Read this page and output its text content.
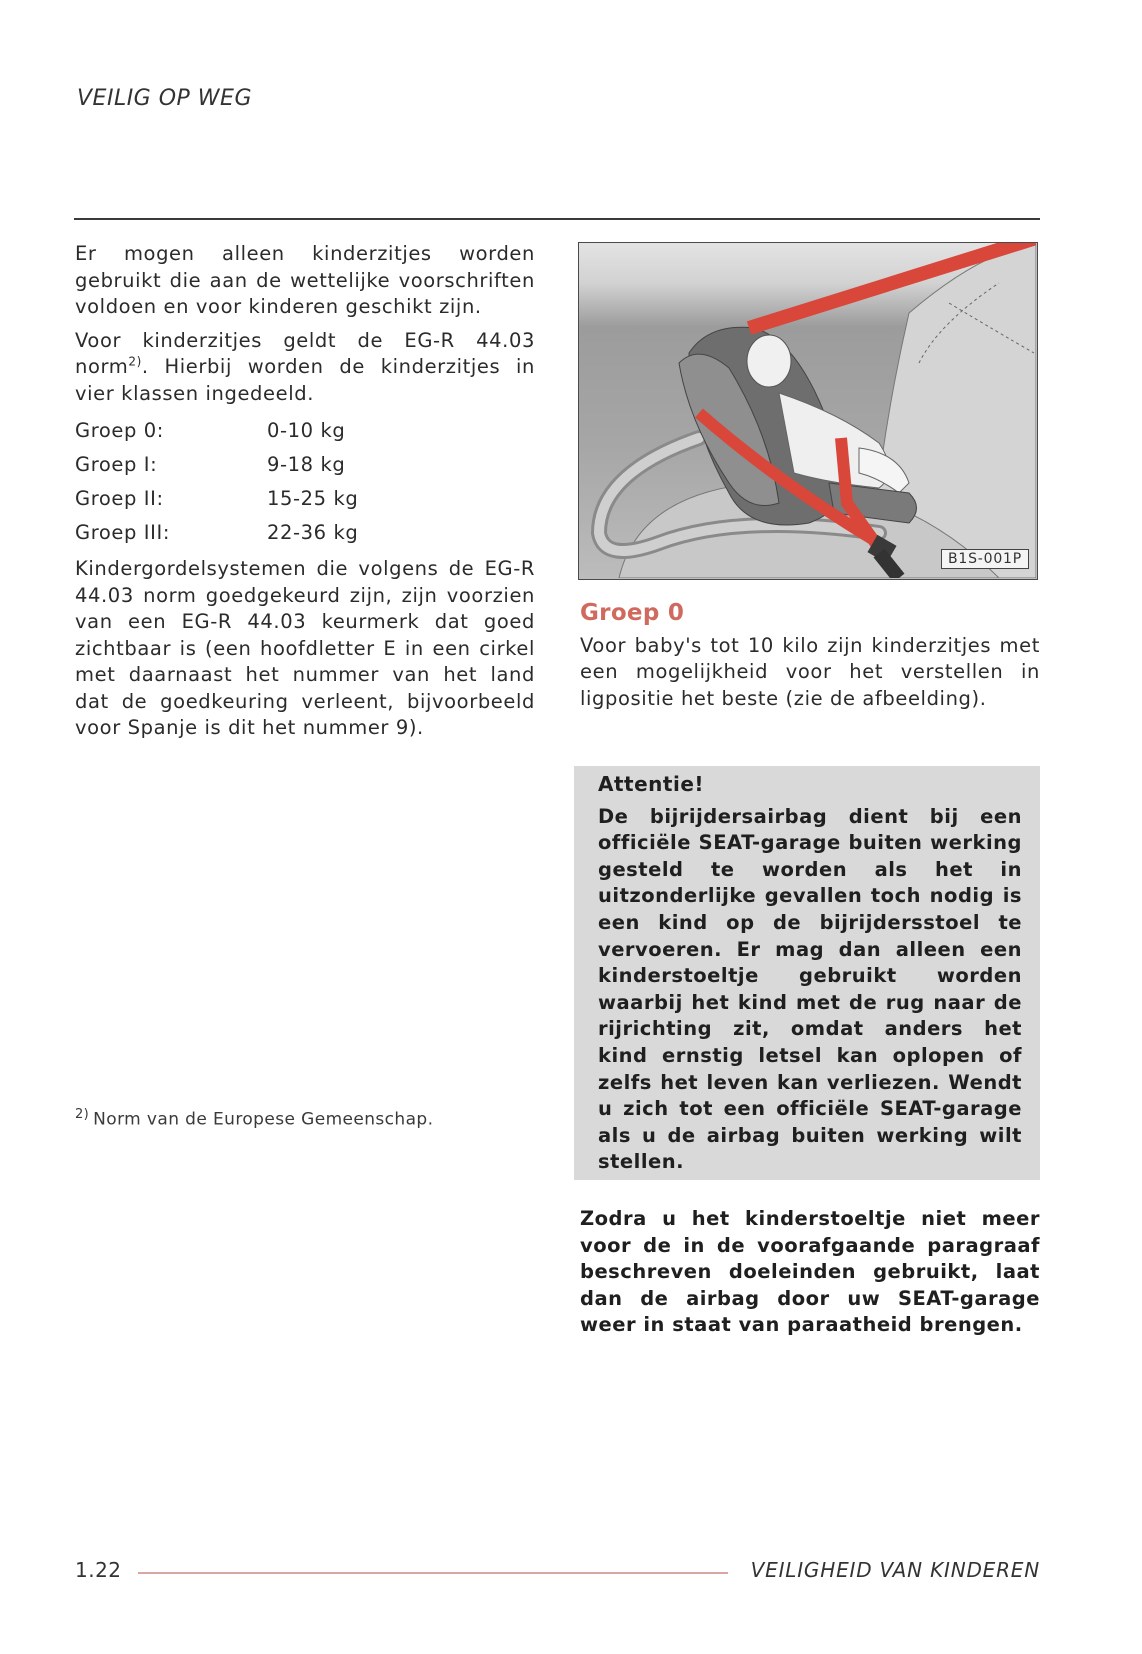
VEILIG OP WEG

Er mogen alleen kinderzitjes worden gebruikt die aan de wettelijke voorschriften voldoen en voor kinderen geschikt zijn.

Voor kinderzitjes geldt de EG-R 44.03 norm$^{2)}$. Hierbij worden de kinderzitjes in vier klassen ingedeeld.

Groep 0:	0-10 kg
Groep I:	9-18 kg
Groep II:	15-25 kg
Groep III:	22-36 kg

Kindergordelsystemen die volgens de EG-R 44.03 norm goedgekeurd zijn, zijn voorzien van een EG-R 44.03 keurmerk dat goed zichtbaar is (een hoofdletter E in een cirkel met daarnaast het nummer van het land dat de goedkeuring verleent, bijvoorbeeld voor Spanje is dit het nummer 9).

$^{2)}$ Norm van de Europese Gemeenschap.
B1S-001P
Groep 0

Voor baby's tot 10 kilo zijn kinderzitjes met een mogelijkheid voor het verstellen in ligpositie het beste (zie de afbeelding).

Attentie!

De bijrijdersairbag dient bij een officiële SEAT-garage buiten werking gesteld te worden als het in uitzonderlijke gevallen toch nodig is een kind op de bijrijdersstoel te vervoeren. Er mag dan alleen een kinderstoeltje gebruikt worden waarbij het kind met de rug naar de rijrichting zit, omdat anders het kind ernstig letsel kan oplopen of zelfs het leven kan verliezen. Wendt u zich tot een officiële SEAT-garage als u de airbag buiten werking wilt stellen.

Zodra u het kinderstoeltje niet meer voor de in de voorafgaande paragraaf beschreven doeleinden gebruikt, laat dan de airbag door uw SEAT-garage weer in staat van paraatheid brengen.

1.22	VEILIGHEID VAN KINDEREN
